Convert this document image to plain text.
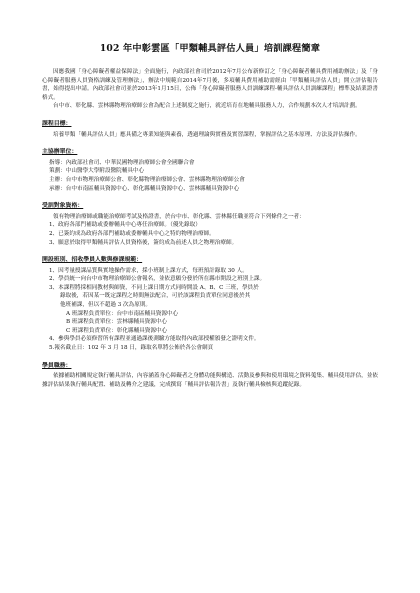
102 年中彰雲區「甲類輔具評估人員」培訓課程簡章

因應我國「身心障礙者權益保障法」全面施行，內政部社會司於2012年7月公布新修訂之「身心障礙者輔具費用補助辦法」及「身心障礙者服務人員資格訓練及管理辦法」，辦法中規範自2014年7月後，多項輔具費用補助需經由「甲類輔具評估人員」開立評估報告書，始得提出申請。內政部社會司並於2013年1月15日，公佈「身心障礙者服務人員訓練課程-輔具評估人員訓練課程」標準及結業證書格式。

台中市、彰化縣、雲林縣物理治療師公會為配合上述制度之施行，就近培育在地輔具服務人力，合作規劃本次人才培訓計劃。

課程目標：

培養甲類「輔具評估人員」應具備之專業知能與素養，透過理論與實務及實習課程，掌握評估之基本原理、方法及評估操作。

主協辦單位：

指導：內政部社會司、中華民國物理治療師公會全國聯合會

策劃：中山醫學大學附設醫院輔具中心

主辦：台中市物理治療師公會、彰化縣物理治療師公會、雲林縣物理治療師公會

承辦：台中市南區輔具資源中心、彰化縣輔具資源中心、雲林縣輔具資源中心

受訓對象資格：

領有物理治療師或職能治療師考試及格證書，於台中市、彰化縣、雲林縣任職並符合下列條件之一者：

1、政府各部門補助或委辦輔具中心專任治療師。（優先錄取）

2、已簽約成為政府各部門補助或委辦輔具中心之特約物理治療師。

3、願意於取得甲類輔具評估人員資格後，簽約成為前述人員之物理治療師。

開設班別、招收學員人數與修課規範：

1、因考量授課品質與實地操作需求，採小班制上課方式，每班預計錄取 30 人。

2、學員統一向台中市物理治療師公會報名，並依意願分發於所在縣市開設之班別上課。

3、本課程將採相同教材與師資，不同上課日期方式同時開設 A、B、C 三班，學員於

錄取後，若因某一既定課程之時間無法配合，可於該課程負責單位同意後於其

他班補課，但以不超過 3 次為原則。

A 班課程負責單位：台中市南區輔具資源中心

B 班課程負責單位：雲林縣輔具資源中心

C 班課程負責單位：彰化縣輔具資源中心

4、參與學員必須修習所有課程並通過課後測驗方能取得內政部授權頒發之證明文件。

5.報名截止日：102 年 3 月 18 日，錄取名單將公佈於各公會網頁

學員職務：

依據補助相關規定執行輔具評估，內容涵蓋身心障礙者之身體功能與構造、活動及參與和使用環境之資料蒐集、輔具使用評估，並依據評估結果執行輔具配置、補助及轉介之建議，完成撰寫「輔具評估報告書」及執行輔具檢核與追蹤紀錄。
